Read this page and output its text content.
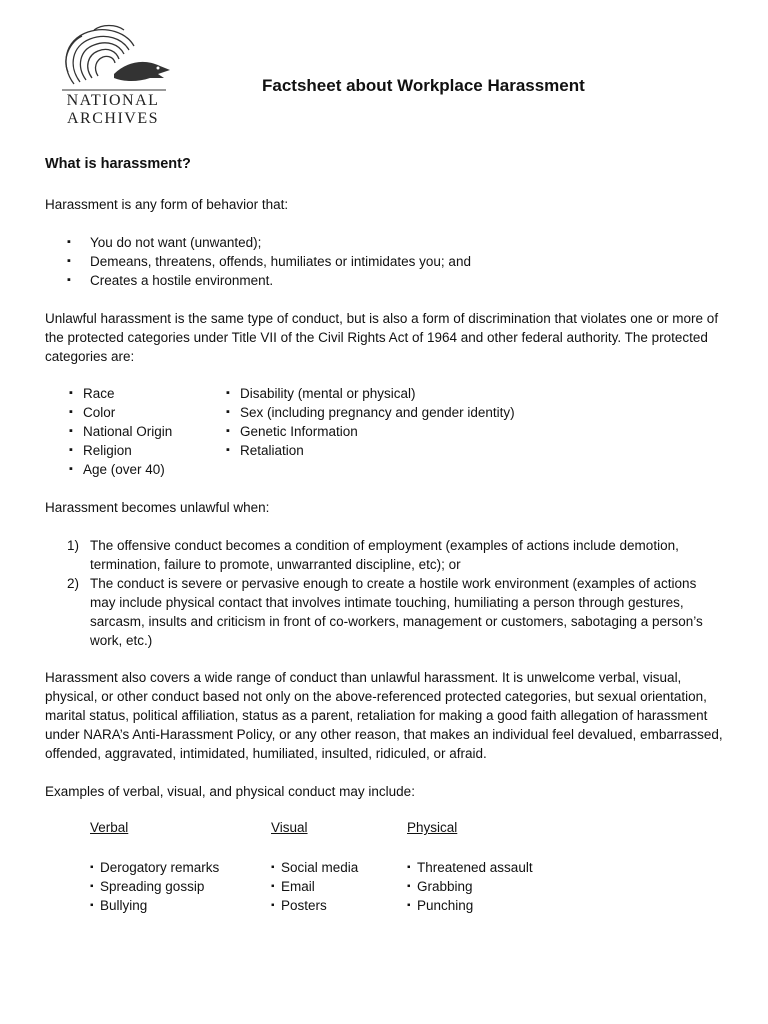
NATIONAL
ARCHIVES
Factsheet about Workplace Harassment
What is harassment?

Harassment is any form of behavior that:

▪ You do not want (unwanted);
▪ Demeans, threatens, offends, humiliates or intimidates you; and
▪ Creates a hostile environment.

Unlawful harassment is the same type of conduct, but is also a form of discrimination that violates one or more of the protected categories under Title VII of the Civil Rights Act of 1964 and other federal authority. The protected categories are:

▪ Race
▪ Color
▪ National Origin
▪ Religion
▪ Age (over 40)
▪ Disability (mental or physical)
▪ Sex (including pregnancy and gender identity)
▪ Genetic Information
▪ Retaliation

Harassment becomes unlawful when:

1) The offensive conduct becomes a condition of employment (examples of actions include demotion, termination, failure to promote, unwarranted discipline, etc); or
2) The conduct is severe or pervasive enough to create a hostile work environment (examples of actions may include physical contact that involves intimate touching, humiliating a person through gestures, sarcasm, insults and criticism in front of co-workers, management or customers, sabotaging a person’s work, etc.)

Harassment also covers a wide range of conduct than unlawful harassment. It is unwelcome verbal, visual, physical, or other conduct based not only on the above-referenced protected categories, but sexual orientation, marital status, political affiliation, status as a parent, retaliation for making a good faith allegation of harassment under NARA’s Anti-Harassment Policy, or any other reason, that makes an individual feel devalued, embarrassed, offended, aggravated, intimidated, humiliated, insulted, ridiculed, or afraid.

Examples of verbal, visual, and physical conduct may include:

Verbal	Visual	Physical
▪ Derogatory remarks
▪ Spreading gossip
▪ Bullying
▪ Social media
▪ Email
▪ Posters
▪ Threatened assault
▪ Grabbing
▪ Punching
